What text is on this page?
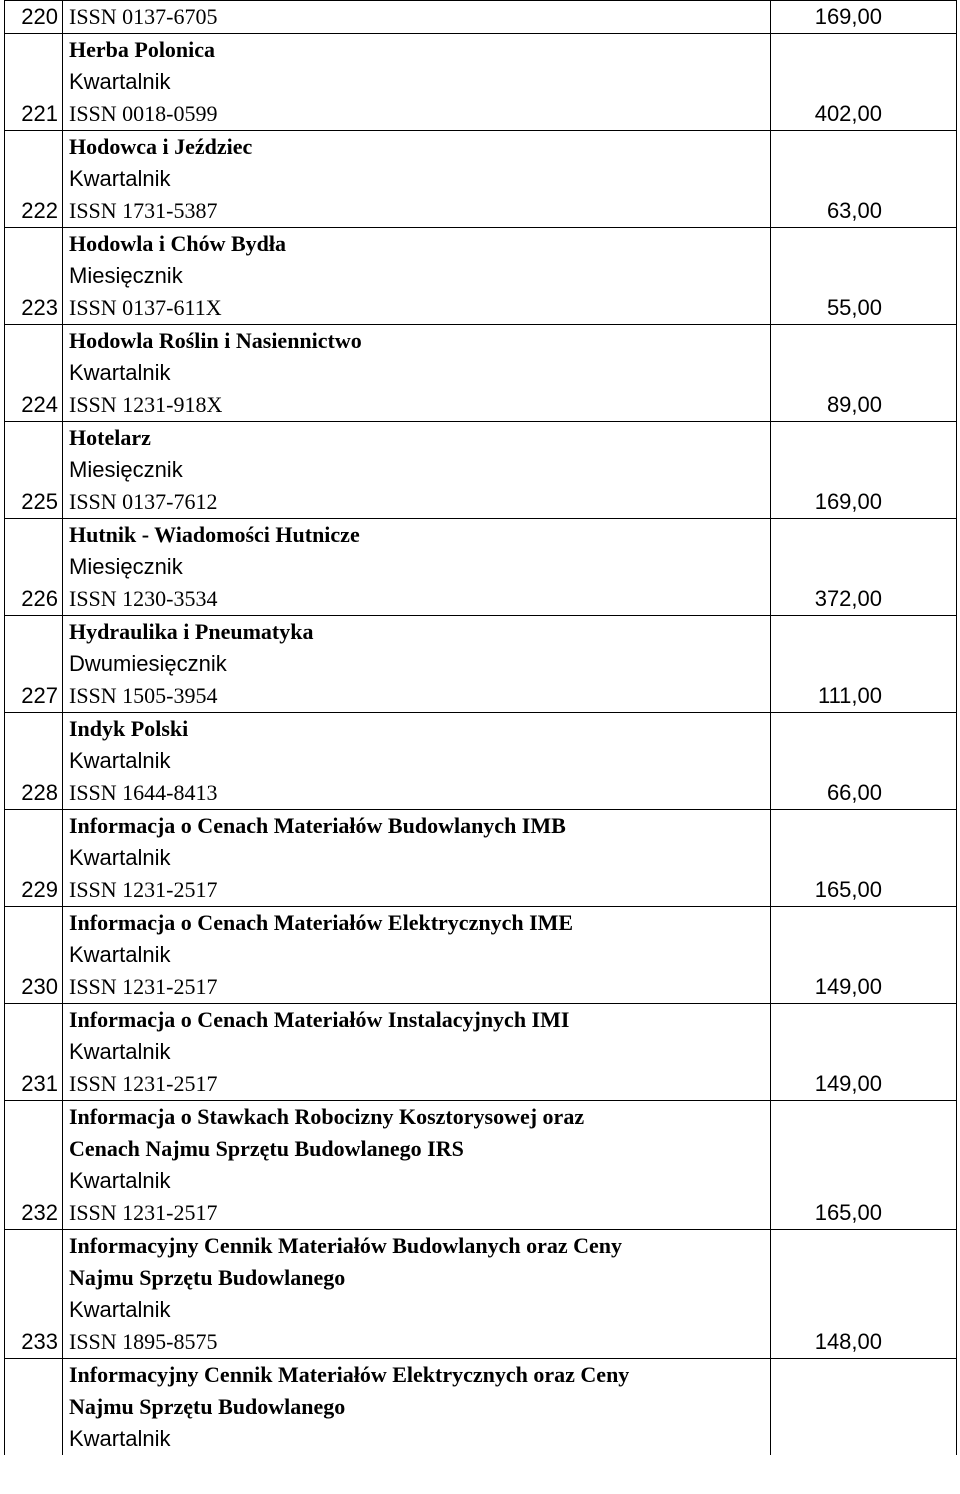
220	ISSN 0137-6705	169,00
221	Herba Polonica
Kwartalnik
ISSN 0018-0599	402,00
222	Hodowca i Jeździec
Kwartalnik
ISSN 1731-5387	63,00
223	Hodowla i Chów Bydła
Miesięcznik
ISSN 0137-611X	55,00
224	Hodowla Roślin i Nasiennictwo
Kwartalnik
ISSN 1231-918X	89,00
225	Hotelarz
Miesięcznik
ISSN 0137-7612	169,00
226	Hutnik - Wiadomości Hutnicze
Miesięcznik
ISSN 1230-3534	372,00
227	Hydraulika i Pneumatyka
Dwumiesięcznik
ISSN 1505-3954	111,00
228	Indyk Polski
Kwartalnik
ISSN 1644-8413	66,00
229	Informacja o Cenach Materiałów Budowlanych IMB
Kwartalnik
ISSN 1231-2517	165,00
230	Informacja o Cenach Materiałów Elektrycznych IME
Kwartalnik
ISSN 1231-2517	149,00
231	Informacja o Cenach Materiałów Instalacyjnych IMI
Kwartalnik
ISSN 1231-2517	149,00
232	Informacja o Stawkach Robocizny Kosztorysowej oraz
Cenach Najmu Sprzętu Budowlanego IRS
Kwartalnik
ISSN 1231-2517	165,00
233	Informacyjny Cennik Materiałów Budowlanych oraz Ceny
Najmu Sprzętu Budowlanego
Kwartalnik
ISSN 1895-8575	148,00

	Informacyjny Cennik Materiałów Elektrycznych oraz Ceny
Najmu Sprzętu Budowlanego
Kwartalnik	
